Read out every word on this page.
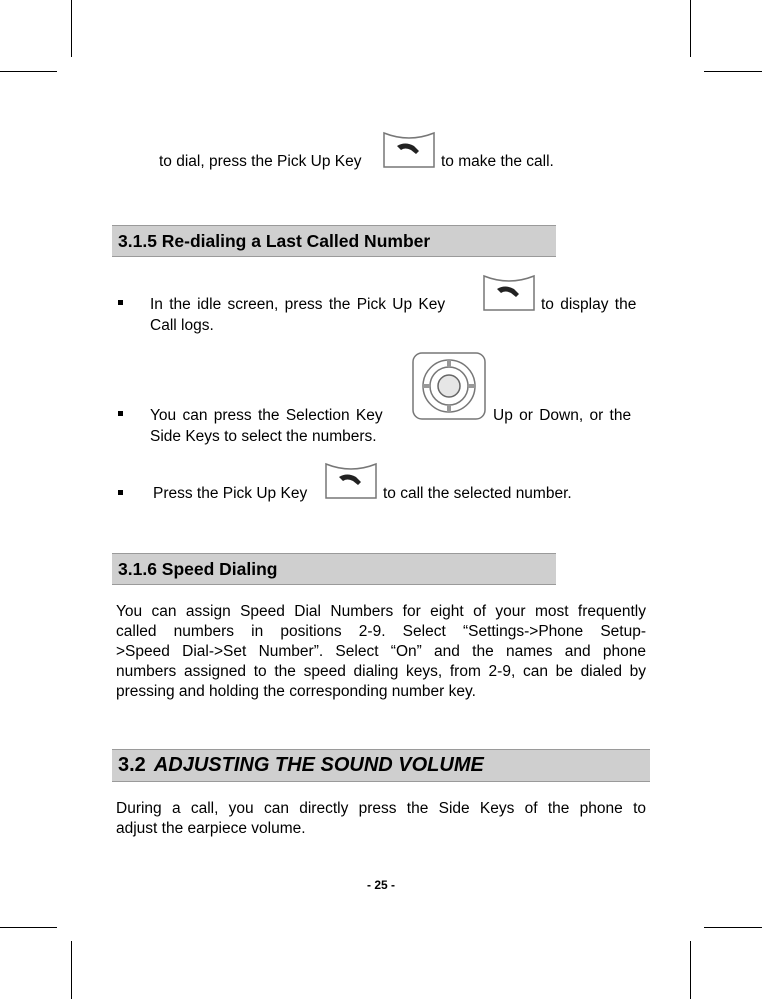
to dial, press the Pick Up Key	to make the call.
3.1.5 Re-dialing a Last Called Number
In the idle screen, press the Pick Up Key	to display the
Call logs.
You can press the Selection Key	Up or Down, or the
Side Keys to select the numbers.
Press the Pick Up Key	to call the selected number.
3.1.6 Speed Dialing
You can assign Speed Dial Numbers for eight of your most frequently
called numbers in positions 2-9. Select “Settings->Phone Setup-
>Speed Dial->Set Number”. Select “On” and the names and phone
numbers assigned to the speed dialing keys, from 2-9, can be dialed by
pressing and holding the corresponding number key.
3.2 ADJUSTING THE SOUND VOLUME
During a call, you can directly press the Side Keys of the phone to
adjust the earpiece volume.
- 25 -
